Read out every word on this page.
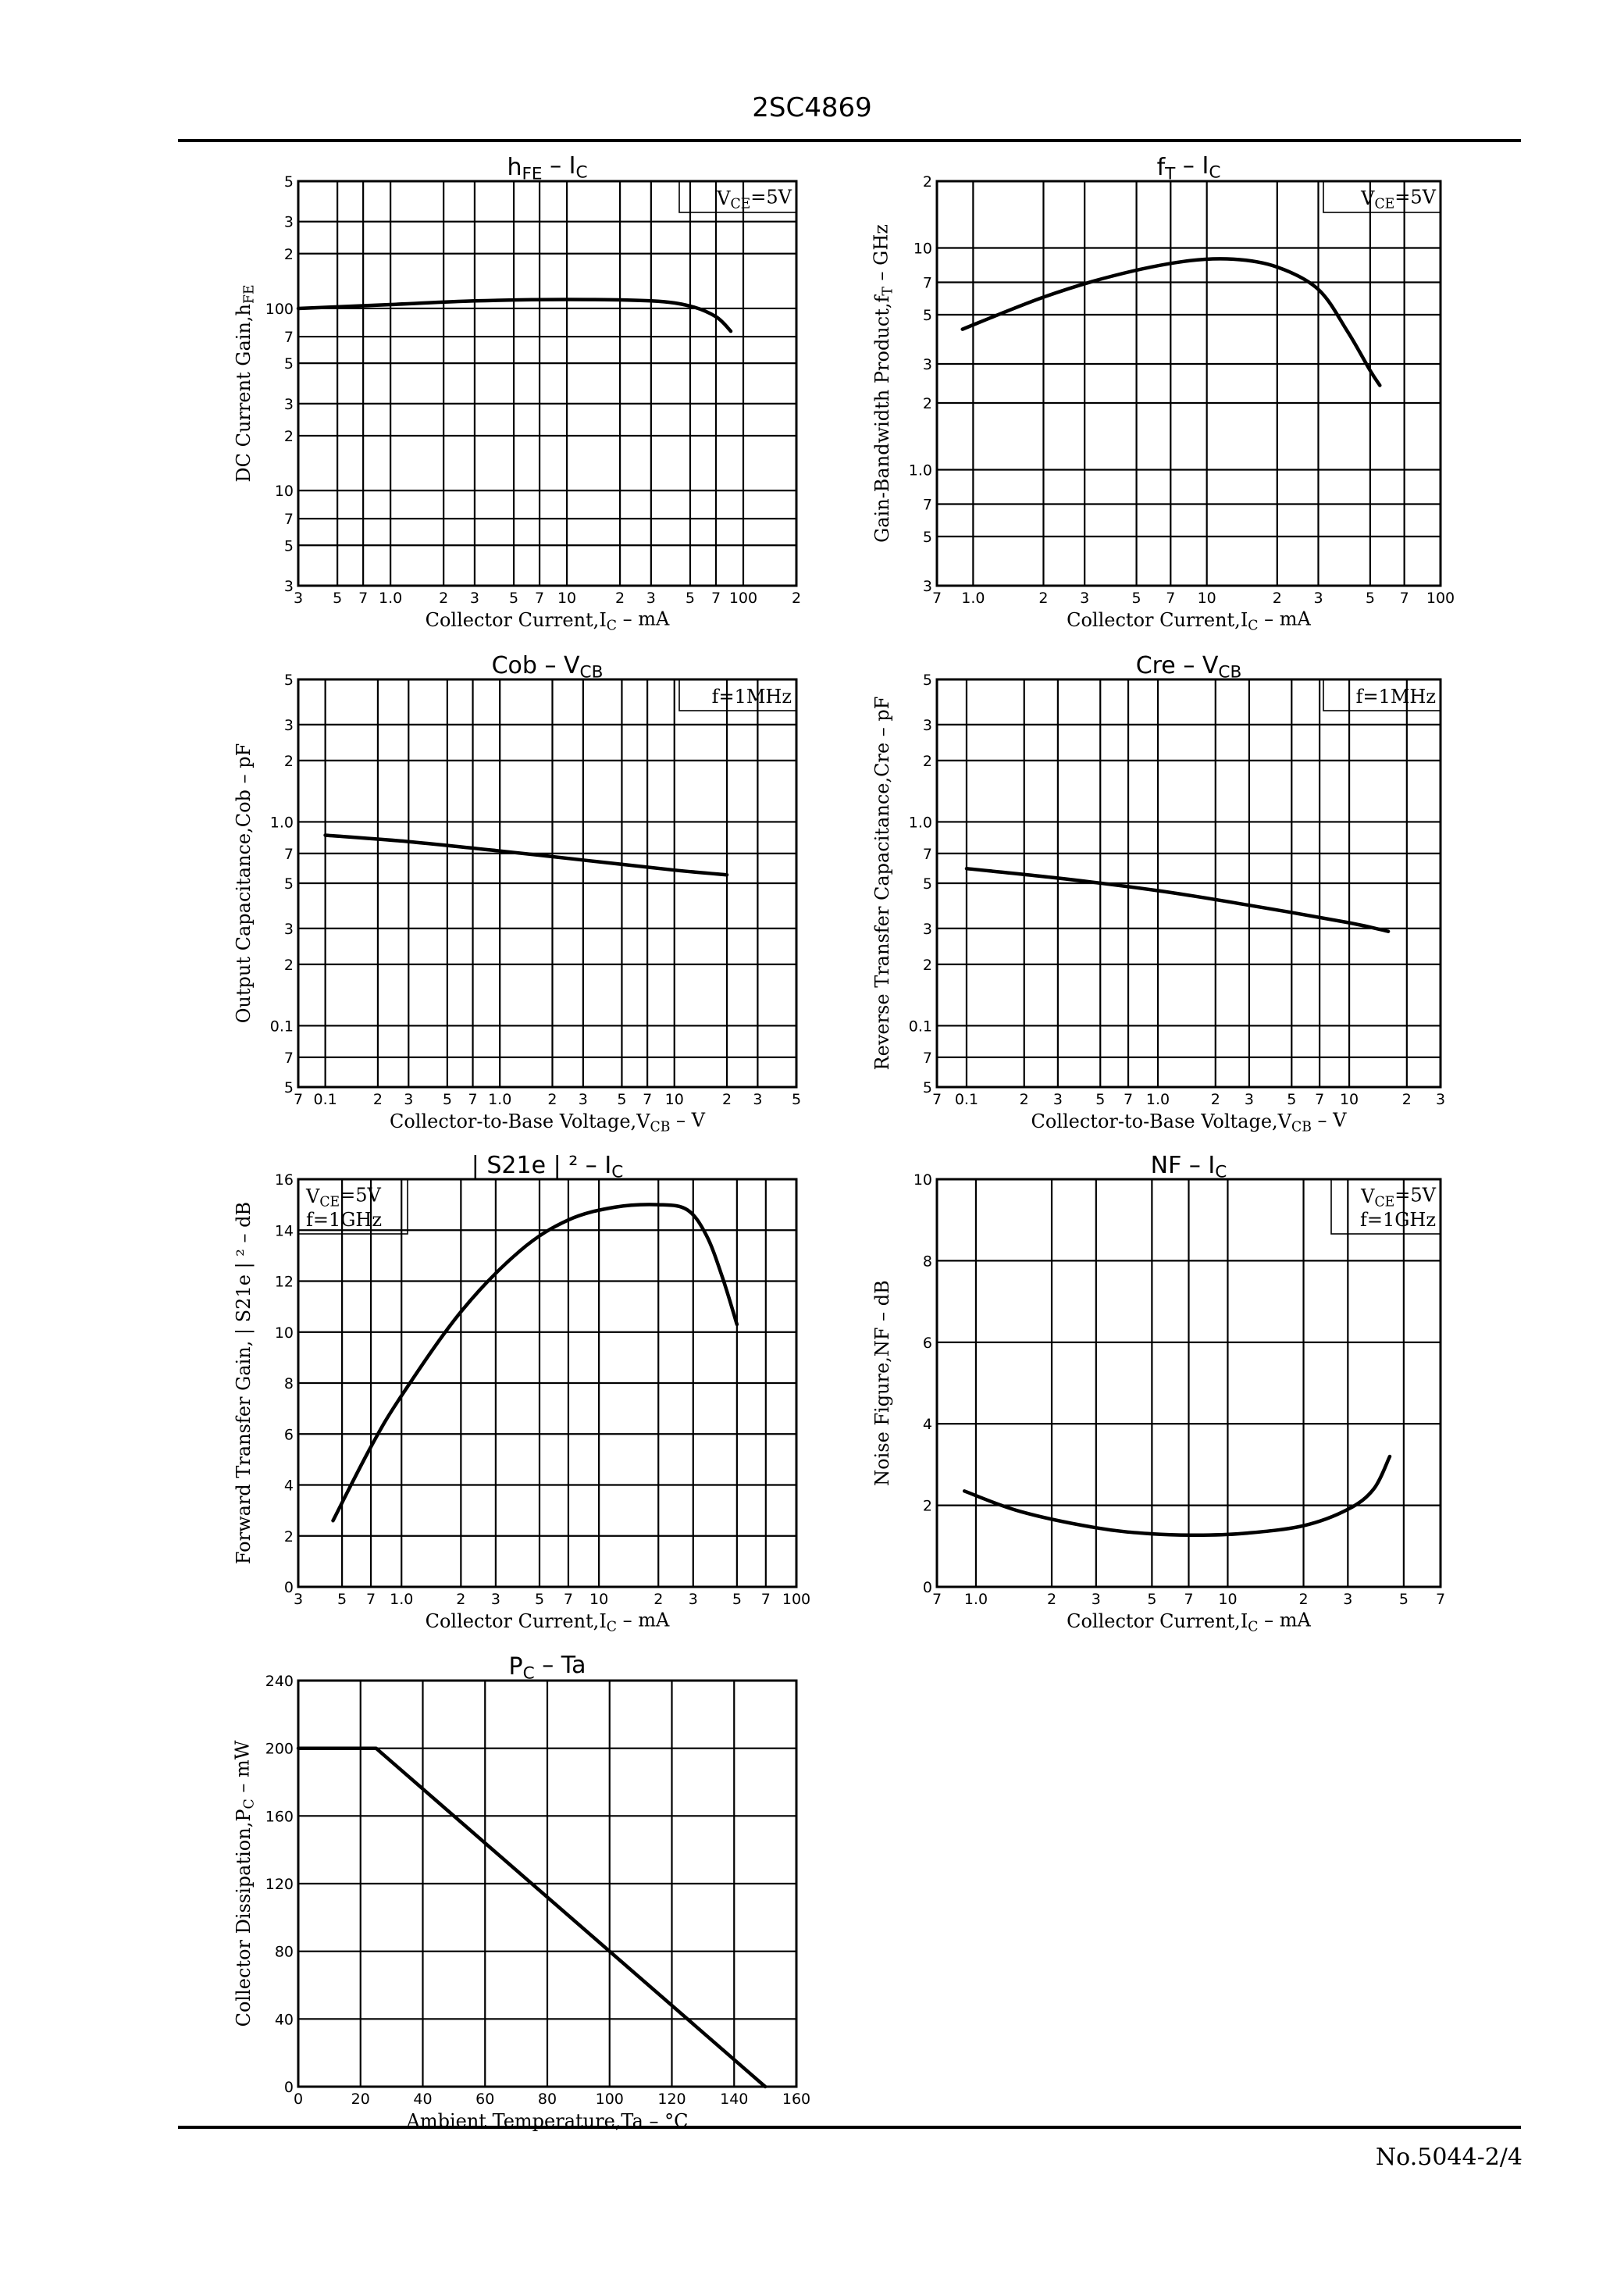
2SC4869
No.5044-2/4
3 5 7 1.0 2 3 5 7 10	2 3 5 7 100 2
3
5
7
10
2
3
5
7
100
2
3
5
hFE – IC
Collector Current,IC – mA
DC Current Gain,hFE
VCE=5V
7 1.0	2 3	5 7 10	2 3	5 7 100
3
5
7
1.0
2
3
5
7
10
2
fT – IC
Collector Current,IC – mA
Gain-Bandwidth Product,fT – GHz
VCE=5V
7 0.1 2 3 5 7 1.0 2 3 5 7 10	2 3 5
5
7
0.1
2
3
5
7
1.0
2
3
5
Cob – VCB
Collector-to-Base Voltage,VCB – V
Output Capacitance,Cob – pF
f=1MHz
7 0.1	2 3 5 7 1.0	2 3 5 7 10	2 3
5
7
0.1
2
3
5
7
1.0
2
3
5
Cre – VCB
Collector-to-Base Voltage,VCB – V
Reverse Transfer Capacitance,Cre – pF	f=1MHz
3 5 7 1.0	2 3 5 7 10	2 3 5 7 100
0
2
4
6
8
10
12
14
16
| S21e | ² – IC
Collector Current,IC – mA
Forward Transfer Gain, | S21e | ² – dB
VCE=5V
f=1GHz
7 1.0	2 3	5 7 10	2 3	5 7
0
2
4
6
8
10
NF – IC
Collector Current,IC – mA
Noise Figure,NF – dB
VCE=5V
f=1GHz
0	20	40	60	80	100 120 140 160
0
40
80
120
160
200
240
PC – Ta
Ambient Temperature,Ta – °C
Collector Dissipation,PC – mW
